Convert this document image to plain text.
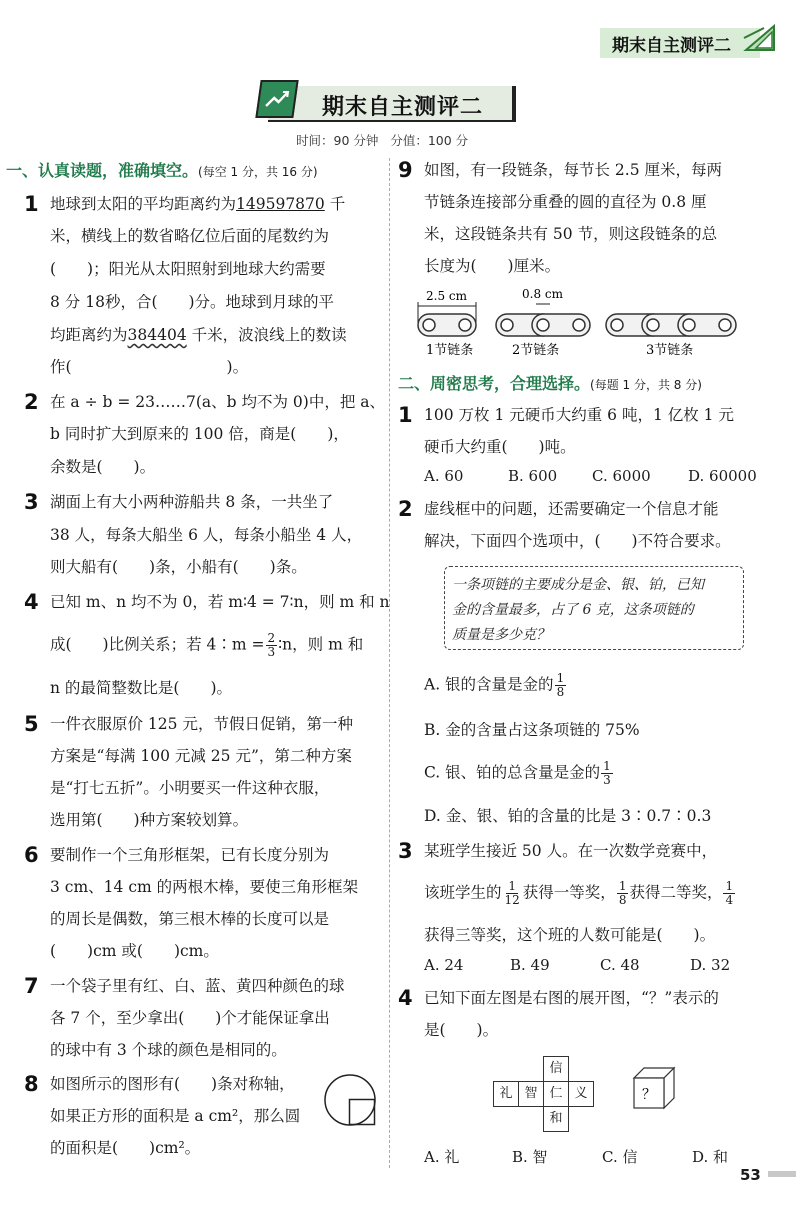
期末自主测评二
期末自主测评二
时间：90 分钟 分值：100 分
一、认真读题，准确填空。(每空 1 分，共 16 分)
1 地球到太阳的平均距离约为149597870 千
米，横线上的数省略亿位后面的尾数约为
(　　)；阳光从太阳照射到地球大约需要
8 分 18秒，合(　　)分。地球到月球的平
均距离约为384404 千米，波浪线上的数读
作(　　　　　　　　　　)。
2 在 a ÷ b = 23……7(a、b 均不为 0)中，把 a、
b 同时扩大到原来的 100 倍，商是(　　)，
余数是(　　)。
3 湖面上有大小两种游船共 8 条，一共坐了
38 人，每条大船坐 6 人，每条小船坐 4 人，
则大船有(　　)条，小船有(　　)条。
4 已知 m、n 均不为 0，若 m∶4 = 7∶n，则 m 和 n
成(　　)比例关系；若 4∶m = $\frac{2}{3}$ ∶n，则 m 和
n 的最简整数比是(　　)。
5 一件衣服原价 125 元，节假日促销，第一种
方案是“每满 100 元减 25 元”，第二种方案
是“打七五折”。小明要买一件这种衣服，
选用第(　　)种方案较划算。
6 要制作一个三角形框架，已有长度分别为
3 cm、14 cm 的两根木棒，要使三角形框架
的周长是偶数，第三根木棒的长度可以是
(　　)cm 或(　　)cm。
7 一个袋子里有红、白、蓝、黄四种颜色的球
各 7 个，至少拿出(　　)个才能保证拿出
的球中有 3 个球的颜色是相同的。
8 如图所示的图形有(　　)条对称轴，
如果正方形的面积是 a cm²，那么圆
的面积是(　　)cm²。
9 如图，有一段链条，每节长 2.5 厘米，每两
节链条连接部分重叠的圆的直径为 0.8 厘
米，这段链条共有 50 节，则这段链条的总
长度为(　　)厘米。
2.5 cm	0.8 cm
1节链条	2节链条	3节链条
二、周密思考，合理选择。(每题 1 分，共 8 分)
1 100 万枚 1 元硬币大约重 6 吨，1 亿枚 1 元
硬币大约重(　　)吨。
A. 60	B. 600 C. 6000 D. 60000
2 虚线框中的问题，还需要确定一个信息才能
解决，下面四个选项中，(　　)不符合要求。
一条项链的主要成分是金、银、铂，已知
金的含量最多，占了 6 克，这条项链的
质量是多少克？
A. 银的含量是金的 $\frac{1}{8}$
B. 金的含量占这条项链的 75%
C. 银、铂的总含量是金的 $\frac{1}{3}$
D. 金、银、铂的含量的比是 3∶0.7∶0.3
3 某班学生接近 50 人。在一次数学竞赛中，
该班学生的 $\frac{1}{12}$ 获得一等奖， $\frac{1}{8}$ 获得二等奖， $\frac{1}{4}$
获得三等奖，这个班的人数可能是(　　)。
A. 24	B. 49	C. 48	D. 32
4 已知下面左图是右图的展开图，“？”表示的
是(　　)。
信
礼 智 仁 义
和
？
A. 礼	B. 智	C. 信	D. 和
53
